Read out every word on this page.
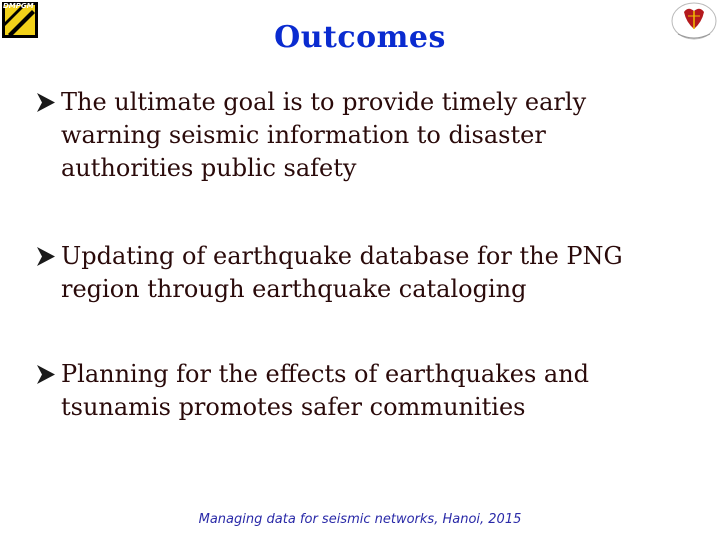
DMPGM
Outcomes
The ultimate goal is to provide timely early warning seismic information to disaster authorities public safety
Updating of earthquake database for the PNG region through earthquake cataloging
Planning for the effects of earthquakes and tsunamis promotes safer communities
Managing data for seismic networks, Hanoi, 2015
